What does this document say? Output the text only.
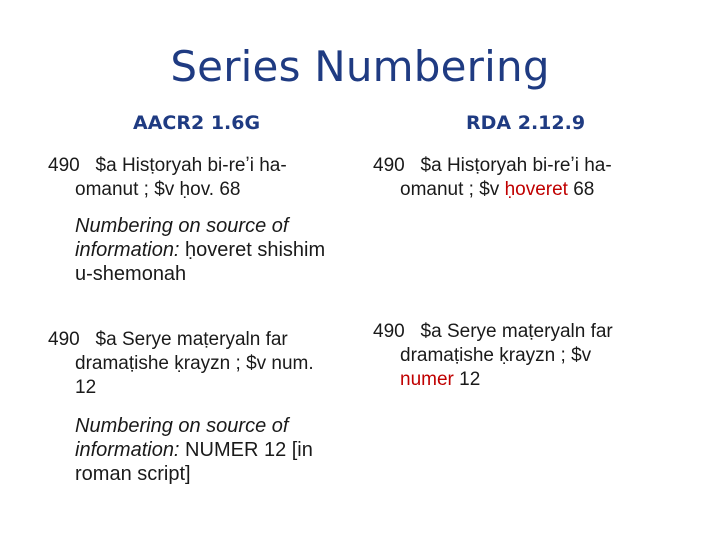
Series Numbering
AACR2 1.6G	RDA 2.12.9
490 $a Hisṭoryah bi-reʼi ha-
omanut ; $v ḥov. 68
Numbering on source of
information: ḥoveret shishim
u-shemonah
490 $a Serye maṭeryaln far
dramaṭishe ḳrayzn ; $v num.
12
Numbering on source of
information: NUMER 12 [in
roman script]
490 $a Hisṭoryah bi-reʼi ha-
omanut ; $v ḥoveret 68
490 $a Serye maṭeryaln far
dramaṭishe ḳrayzn ; $v
numer 12
